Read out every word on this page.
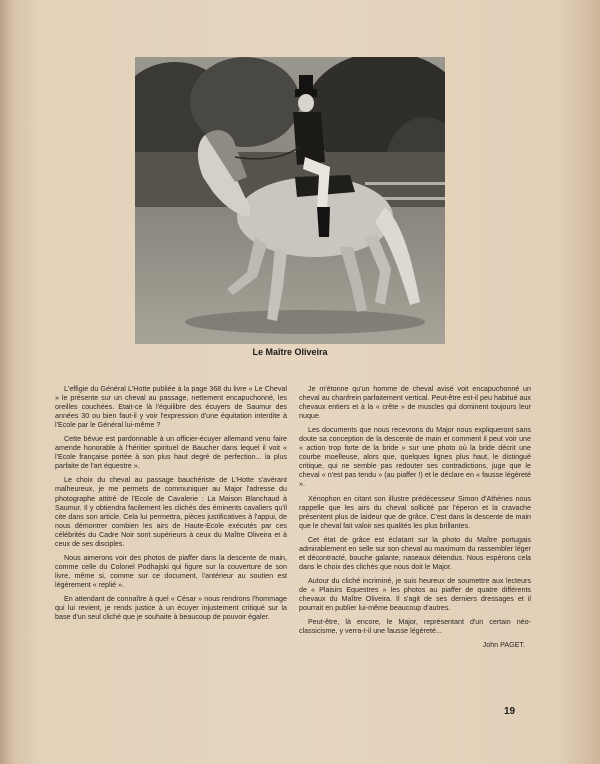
Le Maître Oliveira

L'effigie du Général L'Hotte publiée à la page 368 du livre « Le Cheval » le présente sur un cheval au passage, nettement encapuchonné, les oreilles couchées. Etait-ce là l'équilibre des écuyers de Saumur des années 30 ou bien faut-il y voir l'expression d'une équitation interdite à l'Ecole par le Général lui-même ?

Cette bévue est pardonnable à un officier-écuyer allemand venu faire amende honorable à l'héritier spirituel de Baucher dans lequel il voit « l'Ecole française portée à son plus haut degré de perfection... la plus parfaite de l'art équestre ».

Le choix du cheval au passage bauchériste de L'Hotte s'avérant malheureux, je me permets de communiquer au Major l'adresse du photographe attitré de l'Ecole de Cavalerie : La Maison Blanchaud à Saumur. Il y obtiendra facilement les clichés des éminents cavaliers qu'il cite dans son article. Cela lui permettra, pièces justificatives à l'appui, de nous démontrer combien les airs de Haute-Ecole exécutés par ces célébrités du Cadre Noir sont supérieurs à ceux du Maître Oliveira et à ceux de ses disciples.

Nous aimerons voir des photos de piaffer dans la descente de main, comme celle du Colonel Podhajski qui figure sur la couverture de son livre, même si, comme sur ce document, l'antérieur au soutien est légèrement « replié ».

En attendant de connaître à quel « César » nous rendrons l'hommage qui lui revient, je rends justice à un écuyer injustement critiqué sur la base d'un seul cliché que je souhaite à beaucoup de pouvoir égaler.

Je m'étonne qu'un homme de cheval avisé voit encapuchonné un cheval au chanfrein parfaitement vertical. Peut-être est-il peu habitué aux chevaux entiers et à la « crête » de muscles qui dominent toujours leur nuque.

Les documents que nous recevrons du Major nous expliqueront sans doute sa conception de la descente de main et comment il peut voir une « action trop forte de la bride » sur une photo où la bride décrit une courbe moelleuse, alors que, quelques lignes plus haut, le distingué critique, qui ne semble pas redouter ses contradictions, juge que le cheval « n'est pas tendu » (au piaffer !) et le déclare en « fausse légèreté ».

Xénophon en citant son illustre prédécesseur Simon d'Athènes nous rappelle que les airs du cheval sollicité par l'éperon et la cravache présentent plus de laideur que de grâce. C'est dans la descente de main que le cheval fait valoir ses qualités les plus brillantes.

Cet état de grâce est éclatant sur la photo du Maître portugais admirablement en selle sur son cheval au maximum du rassembler léger et décontracté, bouche galante, naseaux détendus. Nous espérons cela dans le choix des clichés que nous doit le Major.

Autour du cliché incriminé, je suis heureux de soumettre aux lecteurs de « Plaisirs Equestres » les photos au piaffer de quatre différents chevaux du Maître Oliveira. Il s'agit de ses derniers dressages et il pourrait en publier lui-même beaucoup d'autres.

Peut-être, là encore, le Major, représentant d'un certain néo-classicisme, y verra-t-il une fausse légèreté...

John PAGET.

19
